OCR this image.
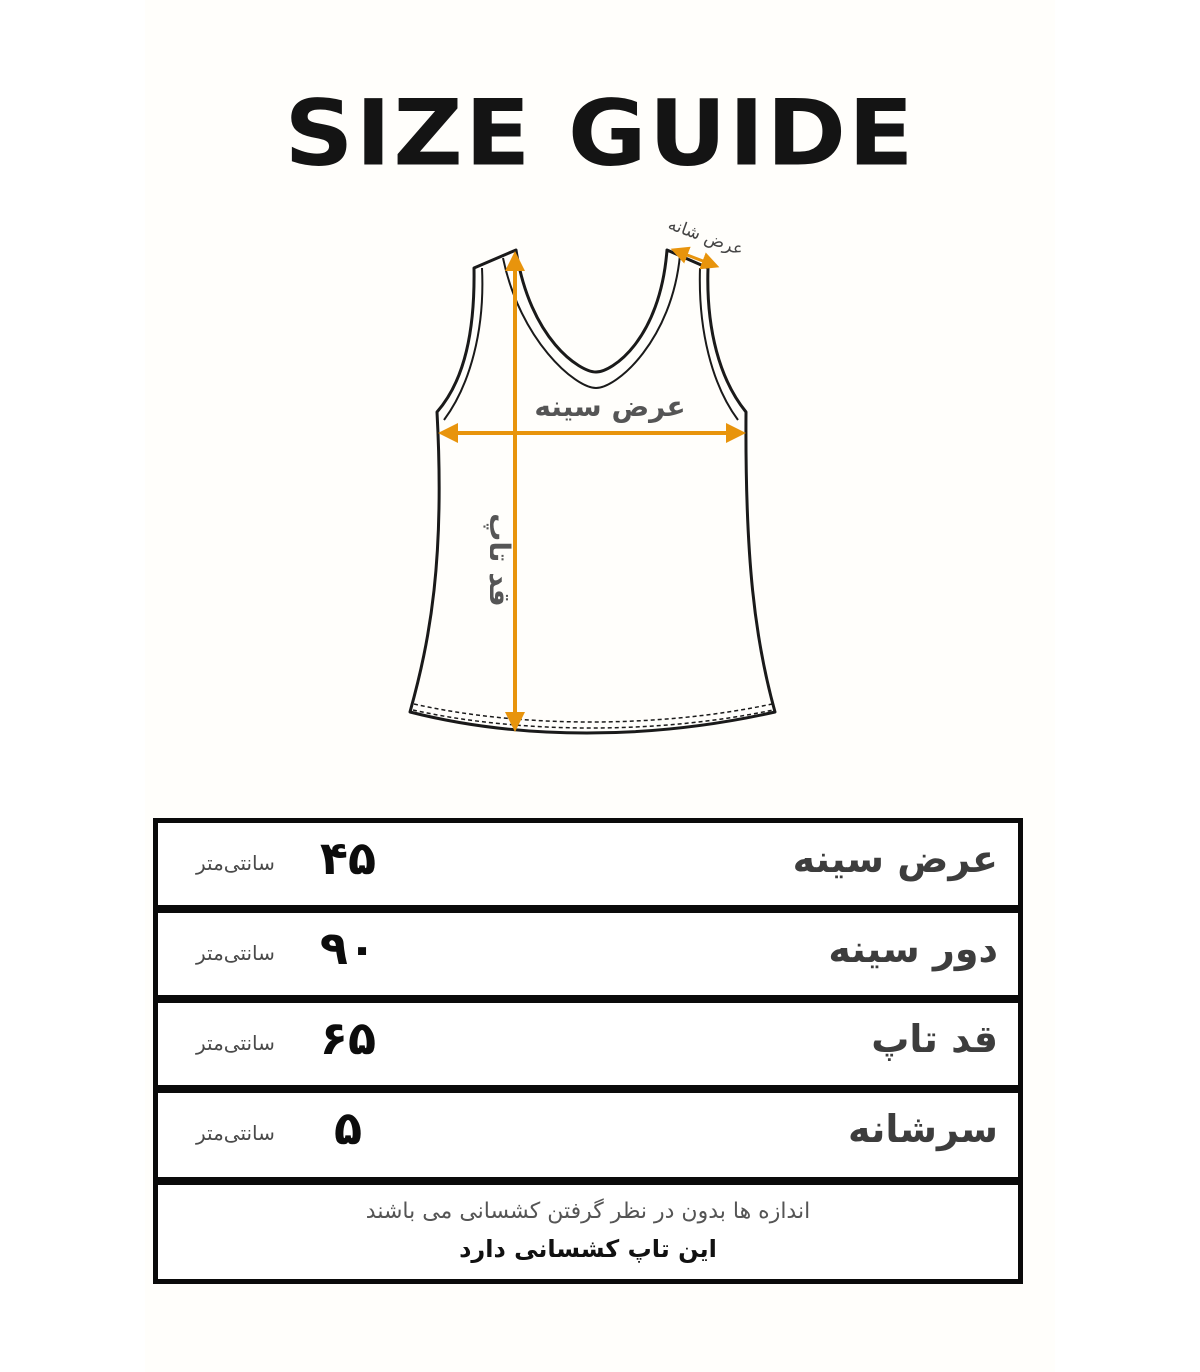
SIZE GUIDE
عرض شانه
عرض سینه
قد تاپ
عرض سینه
۴۵
سانتی‌متر
دور سینه
۹۰
سانتی‌متر
قد تاپ
۶۵
سانتی‌متر
سرشانه
۵
سانتی‌متر
اندازه ها بدون در نظر گرفتن کشسانی می باشند
این تاپ کشسانی دارد
